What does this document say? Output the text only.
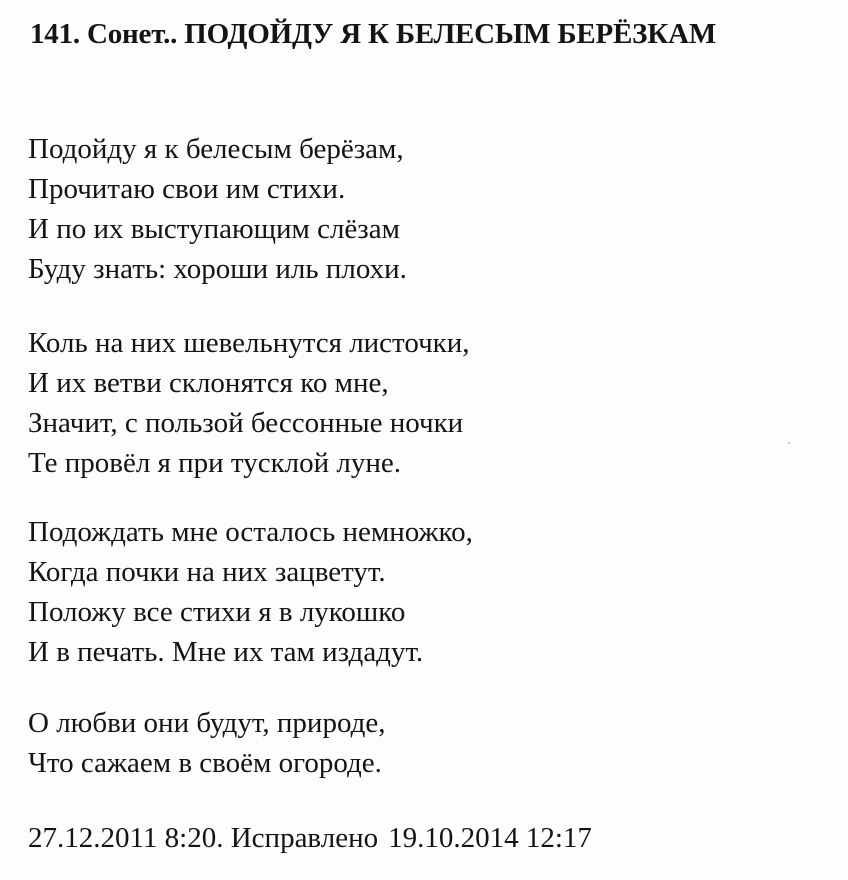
141. Сонет.. ПОДОЙДУ Я К БЕЛЕСЫМ БЕРЁЗКАМ
Подойду я к белесым берёзам,
Прочитаю свои им стихи.
И по их выступающим слёзам
Буду знать: хороши иль плохи.
Коль на них шевельнутся листочки,
И их ветви склонятся ко мне,
Значит, с пользой бессонные ночки
Те провёл я при тусклой луне.
Подождать мне осталось немножко,
Когда почки на них зацветут.
Положу все стихи я в лукошко
И в печать. Мне их там издадут.
О любви они будут, природе,
Что сажаем в своём огороде.
27.12.2011 8:20. Исправлено 19.10.2014 12:17
